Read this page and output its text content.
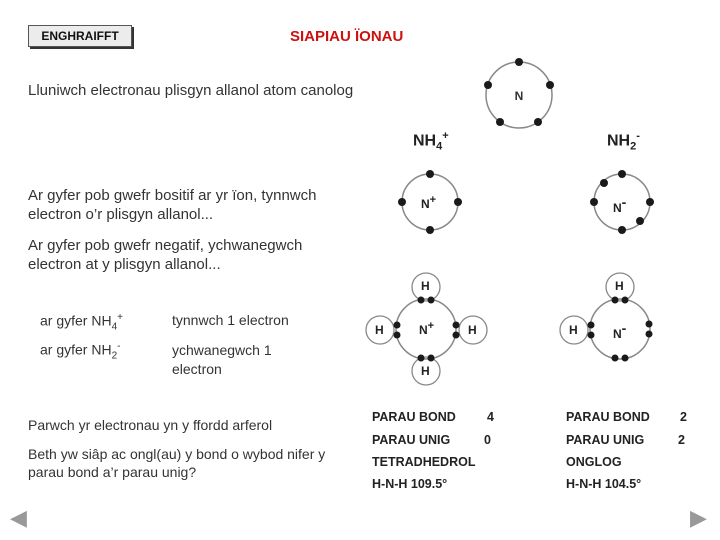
ENGHRAIFFT	SIAPIAU ÏONAU
Lluniwch electronau plisgyn allanol atom canolog
Ar gyfer pob gwefr bositif ar yr ïon, tynnwch electron o’r plisgyn allanol...
Ar gyfer pob gwefr negatif, ychwanegwch electron at y plisgyn allanol...
ar gyfer $NH_4^+$	tynnwch 1 electron
ar gyfer $NH_2^-$	ychwanegwch 1 electron
Parwch yr electronau yn y ffordd arferol
Beth yw siâp ac ongl(au) y bond o wybod nifer y parau bond a’r parau unig?
N
$NH_4^+$	$NH_2^-$
N+
N-
H
H	H
H
N+
H
H	N-
PARAU BOND 4
PARAU UNIG	0
TETRADHEDROL
H-N-H 109.5°
PARAU BOND 2
PARAU UNIG	2
ONGLOG
H-N-H 104.5°
◀	▶
